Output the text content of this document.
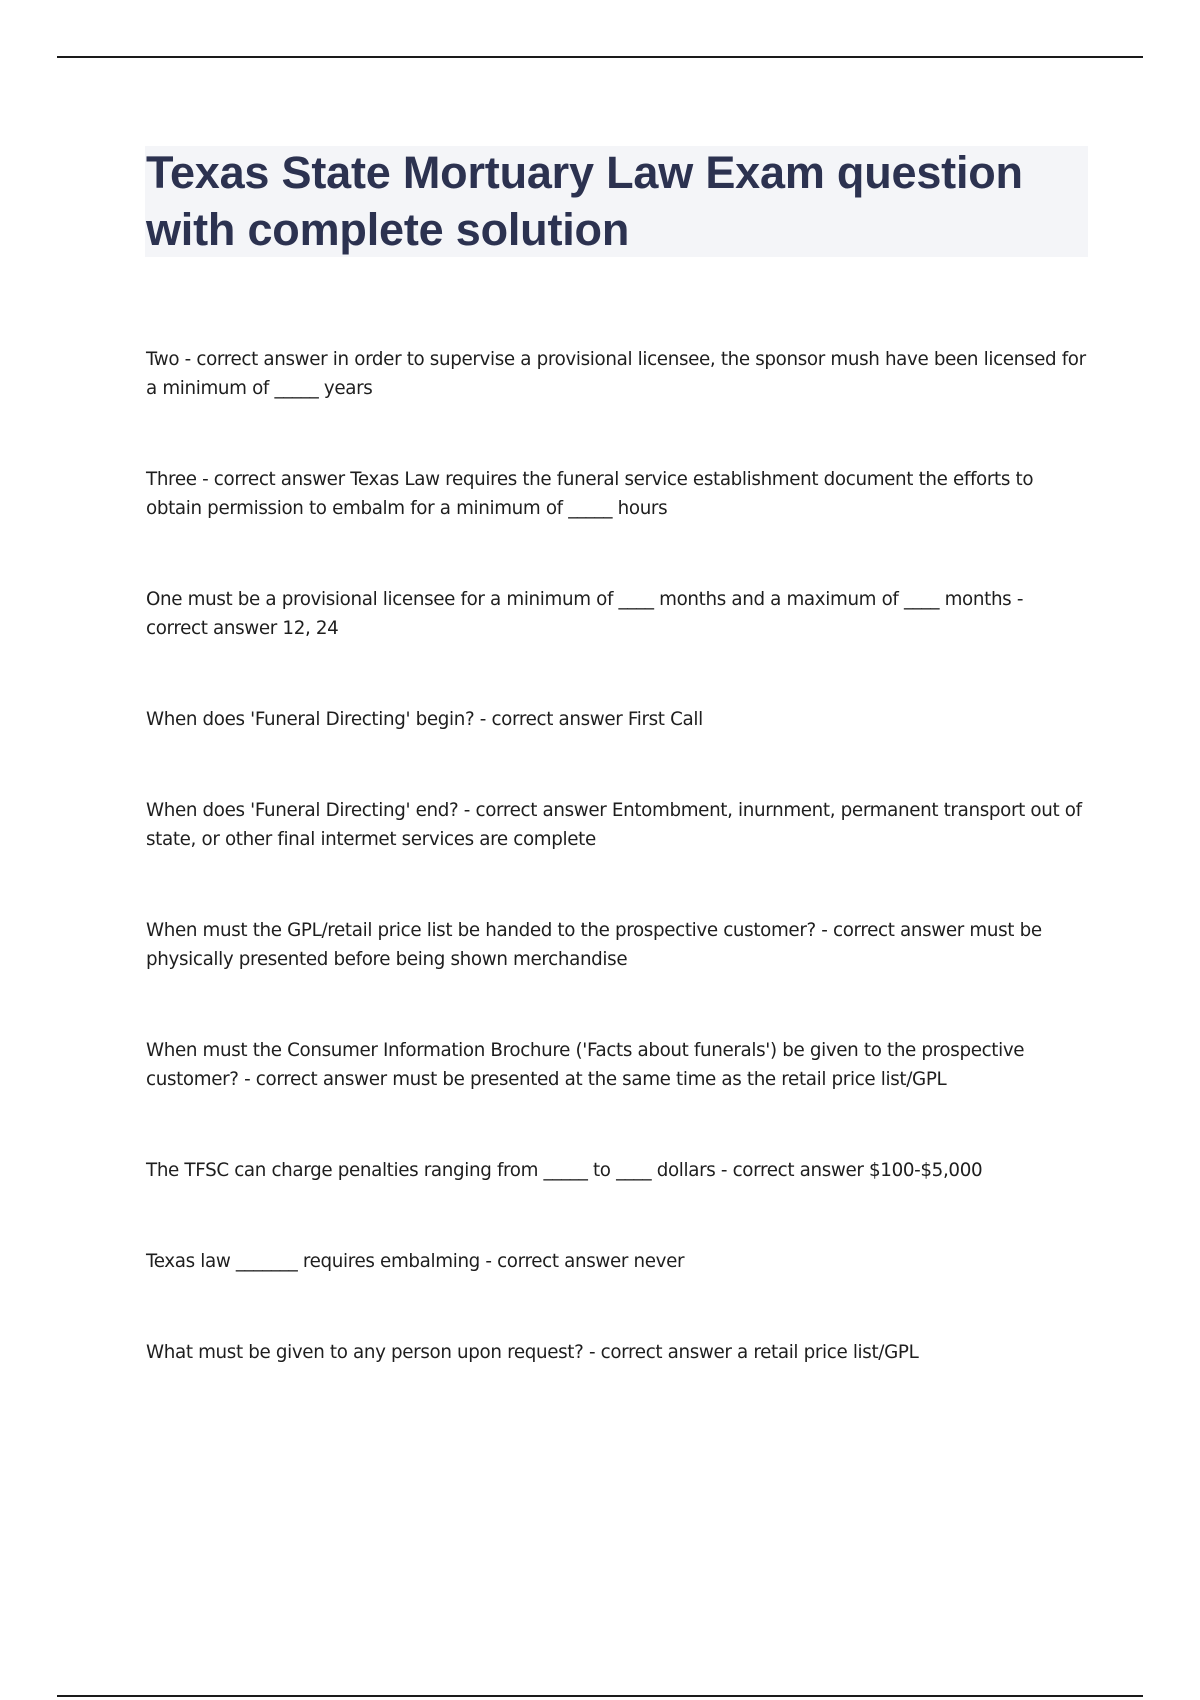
Texas State Mortuary Law Exam question with complete solution
Two - correct answer in order to supervise a provisional licensee, the sponsor mush have been licensed for a minimum of _____ years
Three - correct answer Texas Law requires the funeral service establishment document the efforts to obtain permission to embalm for a minimum of _____ hours
One must be a provisional licensee for a minimum of ____ months and a maximum of ____ months - correct answer 12, 24
When does 'Funeral Directing' begin? - correct answer First Call
When does 'Funeral Directing' end? - correct answer Entombment, inurnment, permanent transport out of state, or other final intermet services are complete
When must the GPL/retail price list be handed to the prospective customer? - correct answer must be physically presented before being shown merchandise
When must the Consumer Information Brochure ('Facts about funerals') be given to the prospective customer? - correct answer must be presented at the same time as the retail price list/GPL
The TFSC can charge penalties ranging from _____ to ____ dollars - correct answer $100-$5,000
Texas law _______ requires embalming - correct answer never
What must be given to any person upon request? - correct answer a retail price list/GPL
